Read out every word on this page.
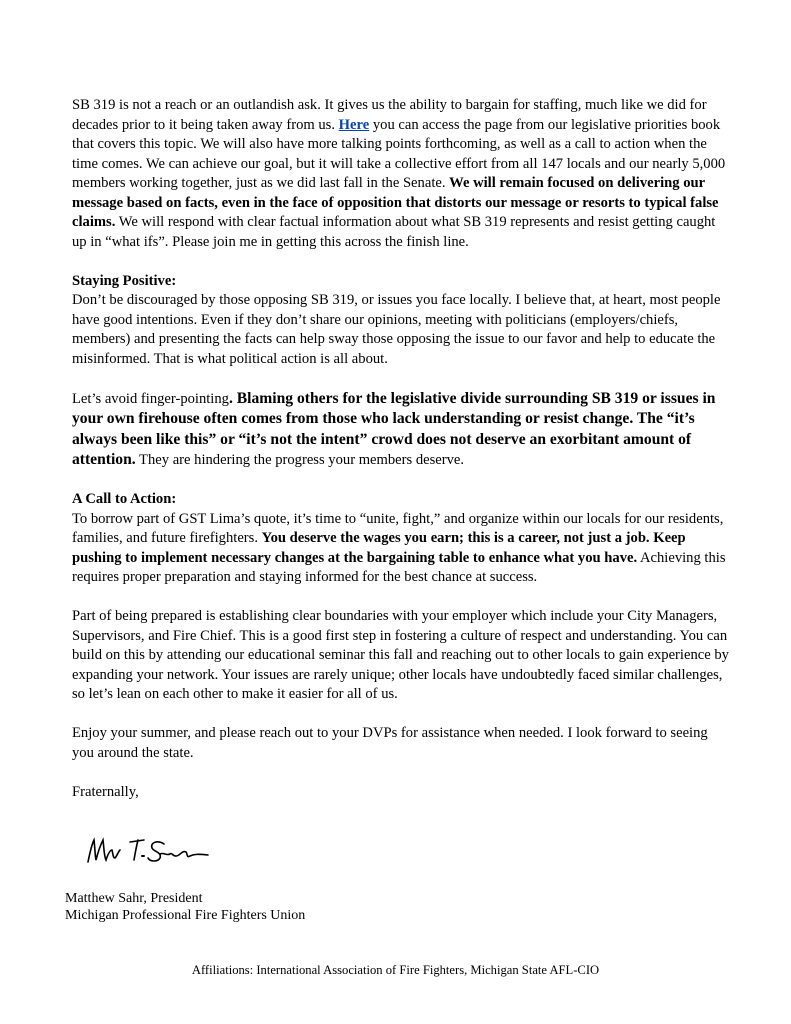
SB 319 is not a reach or an outlandish ask. It gives us the ability to bargain for staffing, much like we did for decades prior to it being taken away from us. Here you can access the page from our legislative priorities book that covers this topic. We will also have more talking points forthcoming, as well as a call to action when the time comes. We can achieve our goal, but it will take a collective effort from all 147 locals and our nearly 5,000 members working together, just as we did last fall in the Senate. We will remain focused on delivering our message based on facts, even in the face of opposition that distorts our message or resorts to typical false claims. We will respond with clear factual information about what SB 319 represents and resist getting caught up in “what ifs”. Please join me in getting this across the finish line.

Staying Positive:

Don’t be discouraged by those opposing SB 319, or issues you face locally. I believe that, at heart, most people have good intentions. Even if they don’t share our opinions, meeting with politicians (employers/chiefs, members) and presenting the facts can help sway those opposing the issue to our favor and help to educate the misinformed. That is what political action is all about.

Let’s avoid finger-pointing. Blaming others for the legislative divide surrounding SB 319 or issues in your own firehouse often comes from those who lack understanding or resist change. The “it’s always been like this” or “it’s not the intent” crowd does not deserve an exorbitant amount of attention. They are hindering the progress your members deserve.

A Call to Action:

To borrow part of GST Lima’s quote, it’s time to “unite, fight,” and organize within our locals for our residents, families, and future firefighters. You deserve the wages you earn; this is a career, not just a job. Keep pushing to implement necessary changes at the bargaining table to enhance what you have. Achieving this requires proper preparation and staying informed for the best chance at success.

Part of being prepared is establishing clear boundaries with your employer which include your City Managers, Supervisors, and Fire Chief. This is a good first step in fostering a culture of respect and understanding. You can build on this by attending our educational seminar this fall and reaching out to other locals to gain experience by expanding your network. Your issues are rarely unique; other locals have undoubtedly faced similar challenges, so let’s lean on each other to make it easier for all of us.

Enjoy your summer, and please reach out to your DVPs for assistance when needed. I look forward to seeing you around the state.

Fraternally,

Matthew Sahr, President
Michigan Professional Fire Fighters Union
Affiliations: International Association of Fire Fighters, Michigan State AFL-CIO
